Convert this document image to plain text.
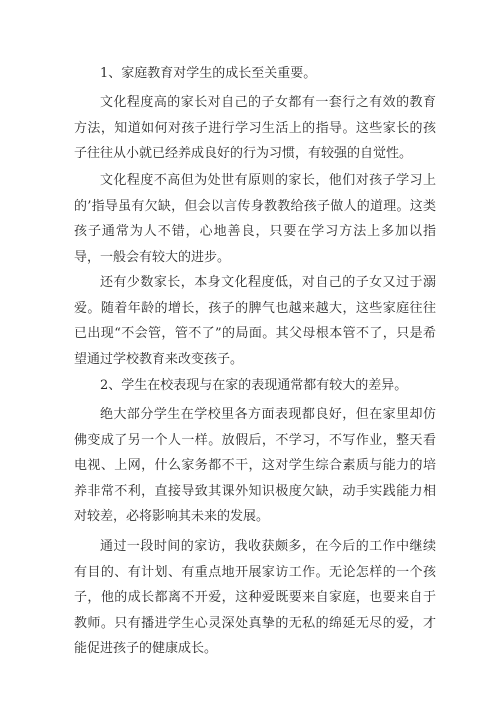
1、家庭教育对学生的成长至关重要。

文化程度高的家长对自己的子女都有一套行之有效的教育方法，知道如何对孩子进行学习生活上的指导。这些家长的孩子往往从小就已经养成良好的行为习惯，有较强的自觉性。

文化程度不高但为处世有原则的家长，他们对孩子学习上的’指导虽有欠缺，但会以言传身教教给孩子做人的道理。这类孩子通常为人不错，心地善良，只要在学习方法上多加以指导，一般会有较大的进步。

还有少数家长，本身文化程度低，对自己的子女又过于溺爱。随着年龄的增长，孩子的脾气也越来越大，这些家庭往往已出现“不会管，管不了”的局面。其父母根本管不了，只是希望通过学校教育来改变孩子。

2、学生在校表现与在家的表现通常都有较大的差异。

绝大部分学生在学校里各方面表现都良好，但在家里却仿佛变成了另一个人一样。放假后，不学习，不写作业，整天看电视、上网，什么家务都不干，这对学生综合素质与能力的培养非常不利，直接导致其课外知识极度欠缺，动手实践能力相对较差，必将影响其未来的发展。

通过一段时间的家访，我收获颇多，在今后的工作中继续有目的、有计划、有重点地开展家访工作。无论怎样的一个孩子，他的成长都离不开爱，这种爱既要来自家庭，也要来自于教师。只有播进学生心灵深处真挚的无私的绵延无尽的爱，才能促进孩子的健康成长。
